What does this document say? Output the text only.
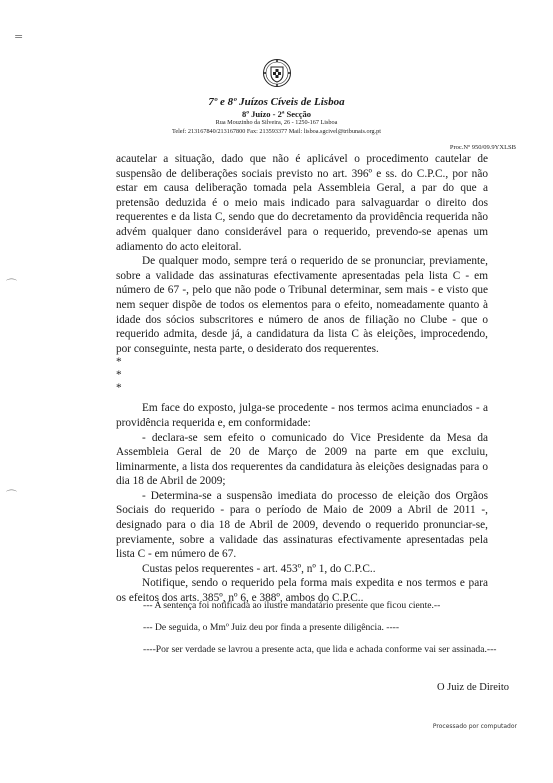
=
⌒
⌒
7º e 8º Juízos Cíveis de Lisboa
8º Juízo - 2ª Secção
Rua Mouzinho da Silveira, 26 - 1250-167 Lisboa
Telef: 213167840/213167800 Fax: 213593377 Mail: lisboa.sgcivel@tribunais.org.pt
Proc.Nº 950/09.9YXLSB

acautelar a situação, dado que não é aplicável o procedimento cautelar de suspensão de deliberações sociais previsto no art. 396º e ss. do C.P.C., por não estar em causa deliberação tomada pela Assembleia Geral, a par do que a pretensão deduzida é o meio mais indicado para salvaguardar o direito dos requerentes e da lista C, sendo que do decretamento da providência requerida não advém qualquer dano considerável para o requerido, prevendo-se apenas um adiamento do acto eleitoral.

De qualquer modo, sempre terá o requerido de se pronunciar, previamente, sobre a validade das assinaturas efectivamente apresentadas pela lista C - em número de 67 -, pelo que não pode o Tribunal determinar, sem mais - e visto que nem sequer dispõe de todos os elementos para o efeito, nomeadamente quanto à idade dos sócios subscritores e número de anos de filiação no Clube - que o requerido admita, desde já, a candidatura da lista C às eleições, improcedendo, por conseguinte, nesta parte, o desiderato dos requerentes.

*

*

*

Em face do exposto, julga-se procedente - nos termos acima enunciados - a providência requerida e, em conformidade:

- declara-se sem efeito o comunicado do Vice Presidente da Mesa da Assembleia Geral de 20 de Março de 2009 na parte em que excluiu, liminarmente, a lista dos requerentes da candidatura às eleições designadas para o dia 18 de Abril de 2009;

- Determina-se a suspensão imediata do processo de eleição dos Orgãos Sociais do requerido - para o período de Maio de 2009 a Abril de 2011 -, designado para o dia 18 de Abril de 2009, devendo o requerido pronunciar-se, previamente, sobre a validade das assinaturas efectivamente apresentadas pela lista C - em número de 67.

Custas pelos requerentes - art. 453º, nº 1, do C.P.C..

Notifique, sendo o requerido pela forma mais expedita e nos termos e para os efeitos dos arts. 385º, nº 6, e 388º, ambos do C.P.C..

--- A sentença foi notificada ao ilustre mandatário presente que ficou ciente.--

--- De seguida, o Mmº Juiz deu por finda a presente diligência. ----

----Por ser verdade se lavrou a presente acta, que lida e achada conforme vai ser assinada.---

O Juiz de Direito
Processado por computador
